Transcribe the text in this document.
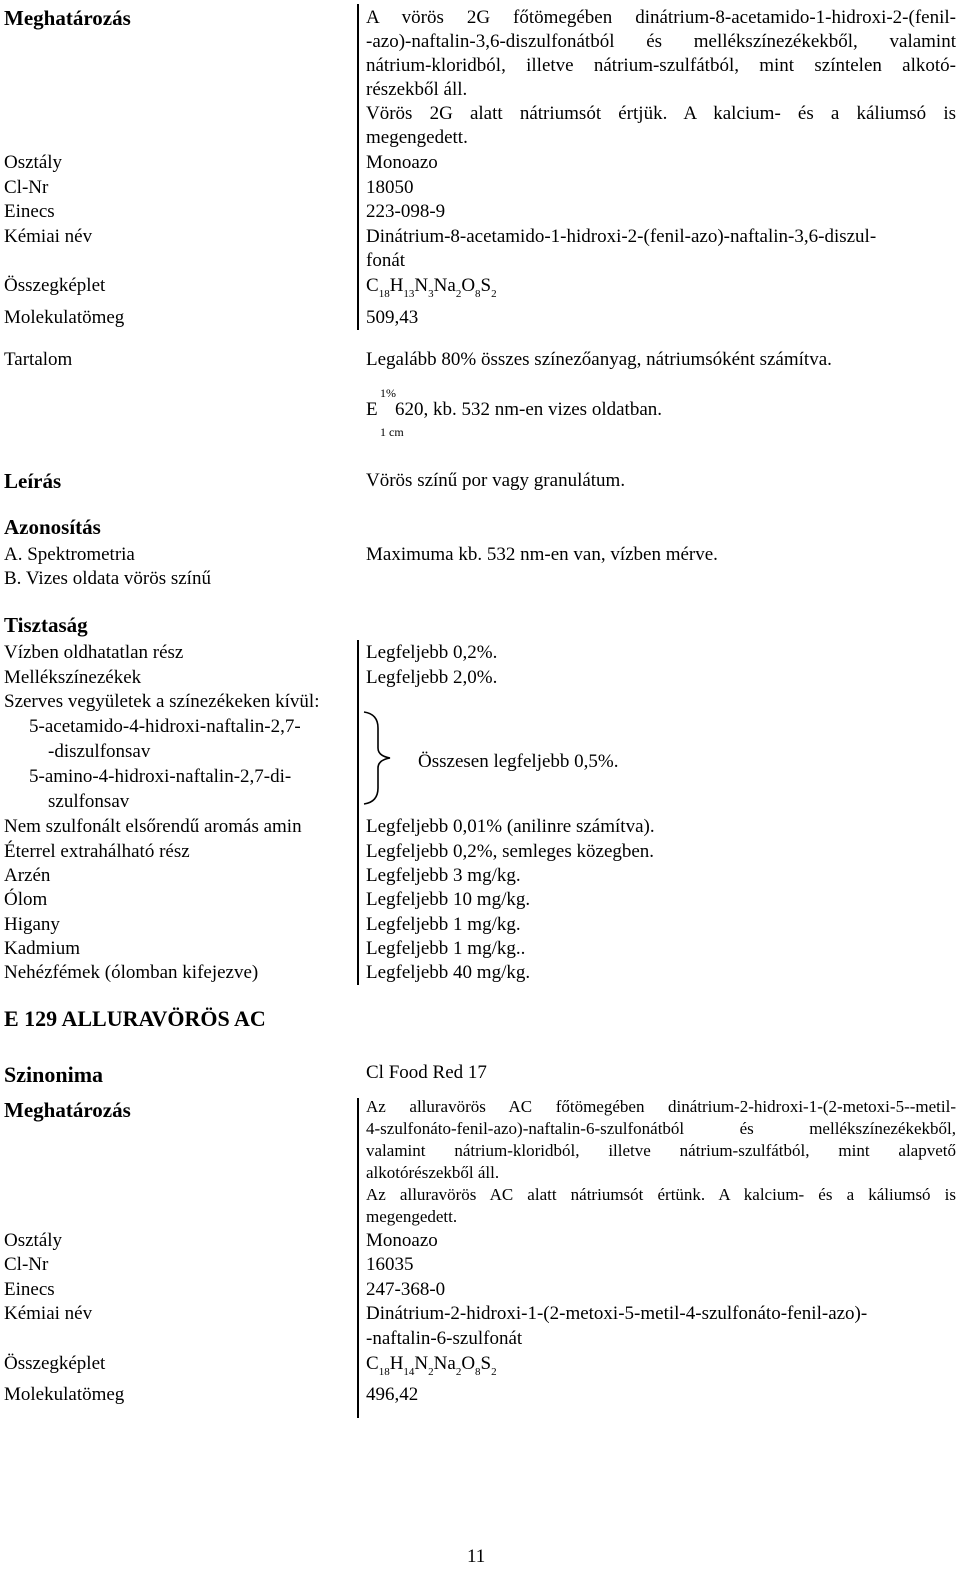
Meghatározás	A vörös 2G főtömegében dinátrium-8-acetamido-1-hidroxi-2-(fenil-
-azo)-naftalin-3,6-diszulfonátból és mellékszínezékekből, valamint
nátrium-kloridból, illetve nátrium-szulfátból, mint színtelen alkotó-
részekből áll.
Vörös 2G alatt nátriumsót értjük. A kalcium- és a káliumsó is
megengedett.
Osztály	Monoazo
Cl-Nr	18050
Einecs	223-098-9
Kémiai név	Dinátrium-8-acetamido-1-hidroxi-2-(fenil-azo)-naftalin-3,6-diszul-
fonát
Összegképlet	$C_{18}H_{13}N_3Na_2O_8S_2$
Molekulatömeg	509,43
Tartalom	Legalább 80% összes színezőanyag, nátriumsóként számítva.
1%
E 620, kb. 532 nm-en vizes oldatban.
1 cm
Leírás	Vörös színű por vagy granulátum.
Azonosítás
A. Spektrometria	Maximuma kb. 532 nm-en van, vízben mérve.
B. Vizes oldata vörös színű
Tisztaság
Vízben oldhatatlan rész	Legfeljebb 0,2%.
Mellékszínezékek	Legfeljebb 2,0%.
Szerves vegyületek a színezékeken kívül:
5-acetamido-4-hidroxi-naftalin-2,7-
-diszulfonsav
5-amino-4-hidroxi-naftalin-2,7-di-
szulfonsav
Összesen legfeljebb 0,5%.
Nem szulfonált elsőrendű aromás amin	Legfeljebb 0,01% (anilinre számítva).
Éterrel extrahálható rész	Legfeljebb 0,2%, semleges közegben.
Arzén	Legfeljebb 3 mg/kg.
Ólom	Legfeljebb 10 mg/kg.
Higany	Legfeljebb 1 mg/kg.
Kadmium	Legfeljebb 1 mg/kg..
Nehézfémek (ólomban kifejezve)	Legfeljebb 40 mg/kg.
E 129 ALLURAVÖRÖS AC
Szinonima	Cl Food Red 17
Meghatározás	Az alluravörös AC főtömegében dinátrium-2-hidroxi-1-(2-metoxi-5--metil-
4-szulfonáto-fenil-azo)-naftalin-6-szulfonátból és mellékszínezékekből,
valamint nátrium-kloridból, illetve nátrium-szulfátból, mint alapvető
alkotórészekből áll.
Az alluravörös AC alatt nátriumsót értünk. A kalcium- és a káliumsó is
megengedett.
Osztály	Monoazo
Cl-Nr	16035
Einecs	247-368-0
Kémiai név	Dinátrium-2-hidroxi-1-(2-metoxi-5-metil-4-szulfonáto-fenil-azo)-
-naftalin-6-szulfonát
Összegképlet	$C_{18}H_{14}N_2Na_2O_8S_2$
Molekulatömeg	496,42
11
